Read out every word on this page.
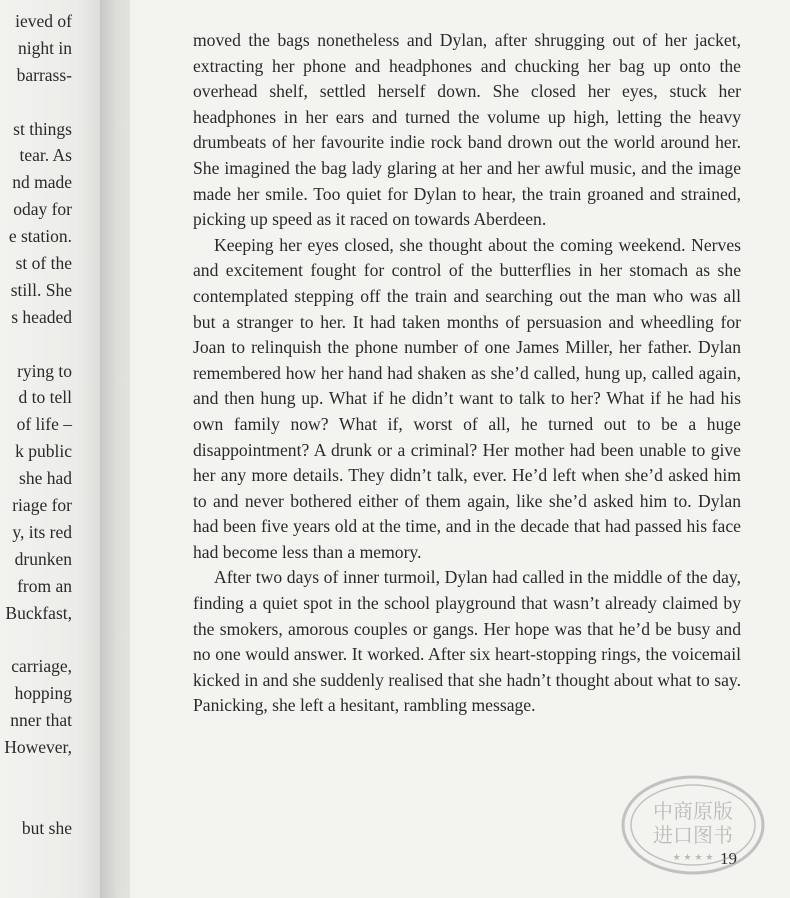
ieved of
night in
barrass-
st things
tear. As
nd made
oday for
e station.
st of the
still. She
s headed
rying to
d to tell
of life –
k public
she had
riage for
y, its red
drunken
from an
Buckfast,
carriage,
hopping
nner that
However,
but she

moved the bags nonetheless and Dylan, after shrugging out of her jacket, extracting her phone and headphones and chucking her bag up onto the overhead shelf, settled herself down. She closed her eyes, stuck her headphones in her ears and turned the volume up high, letting the heavy drumbeats of her favourite indie rock band drown out the world around her. She imagined the bag lady glaring at her and her awful music, and the image made her smile. Too quiet for Dylan to hear, the train groaned and strained, picking up speed as it raced on towards Aberdeen.

Keeping her eyes closed, she thought about the coming weekend. Nerves and excitement fought for control of the butterflies in her stomach as she contemplated stepping off the train and searching out the man who was all but a stranger to her. It had taken months of persuasion and wheedling for Joan to relinquish the phone number of one James Miller, her father. Dylan remembered how her hand had shaken as she’d called, hung up, called again, and then hung up. What if he didn’t want to talk to her? What if he had his own family now? What if, worst of all, he turned out to be a huge disappointment? A drunk or a criminal? Her mother had been unable to give her any more details. They didn’t talk, ever. He’d left when she’d asked him to and never bothered either of them again, like she’d asked him to. Dylan had been five years old at the time, and in the decade that had passed his face had become less than a memory.

After two days of inner turmoil, Dylan had called in the middle of the day, finding a quiet spot in the school playground that wasn’t already claimed by the smokers, amorous couples or gangs. Her hope was that he’d be busy and no one would answer. It worked. After six heart-stopping rings, the voicemail kicked in and she suddenly realised that she hadn’t thought about what to say. Panicking, she left a hesitant, rambling message.

19
中商原版
进口图书
★ ★ ★ ★
